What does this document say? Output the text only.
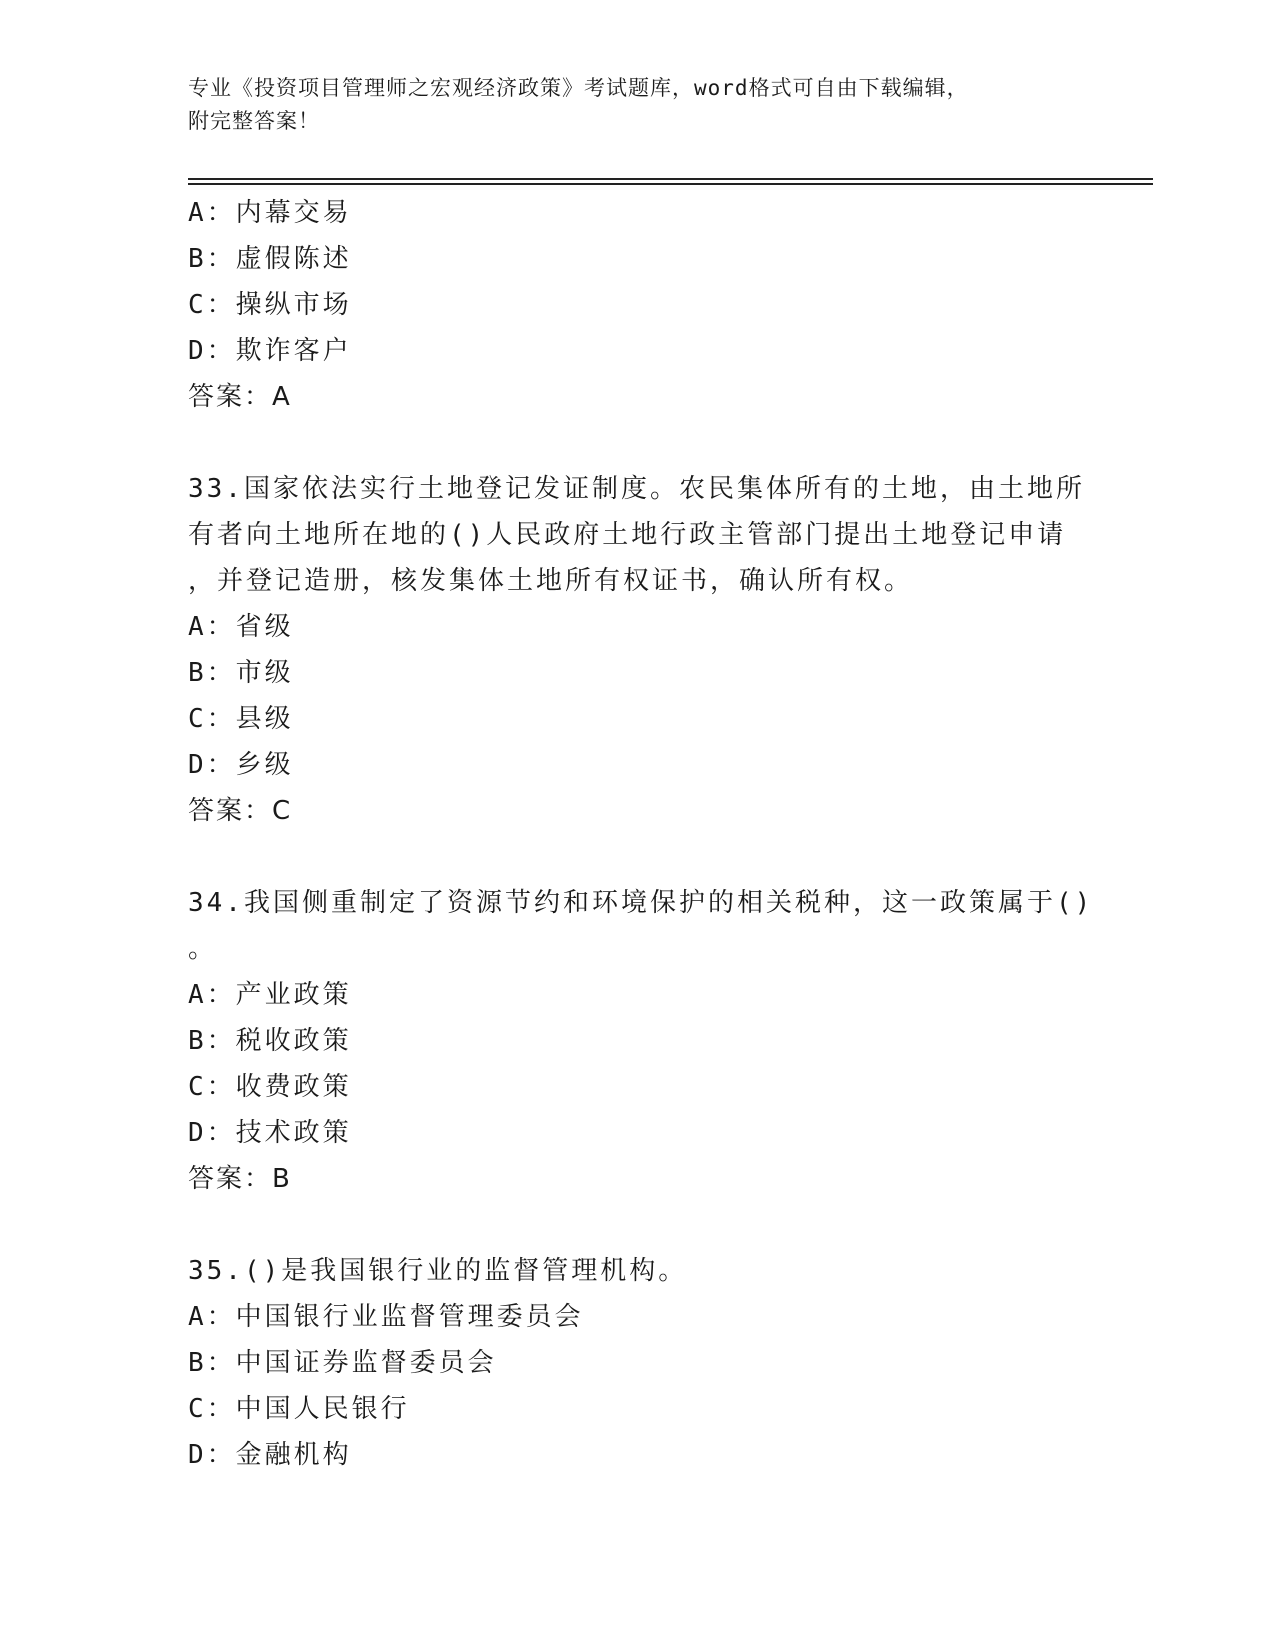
专业《投资项目管理师之宏观经济政策》考试题库，word格式可自由下载编辑，
附完整答案！
A：内幕交易
B：虚假陈述
C：操纵市场
D：欺诈客户
答案：A
33.国家依法实行土地登记发证制度。农民集体所有的土地，由土地所
有者向土地所在地的()人民政府土地行政主管部门提出土地登记申请
，并登记造册，核发集体土地所有权证书，确认所有权。
A：省级
B：市级
C：县级
D：乡级
答案：C
34.我国侧重制定了资源节约和环境保护的相关税种，这一政策属于()
。
A：产业政策
B：税收政策
C：收费政策
D：技术政策
答案：B
35.()是我国银行业的监督管理机构。
A：中国银行业监督管理委员会
B：中国证券监督委员会
C：中国人民银行
D：金融机构
